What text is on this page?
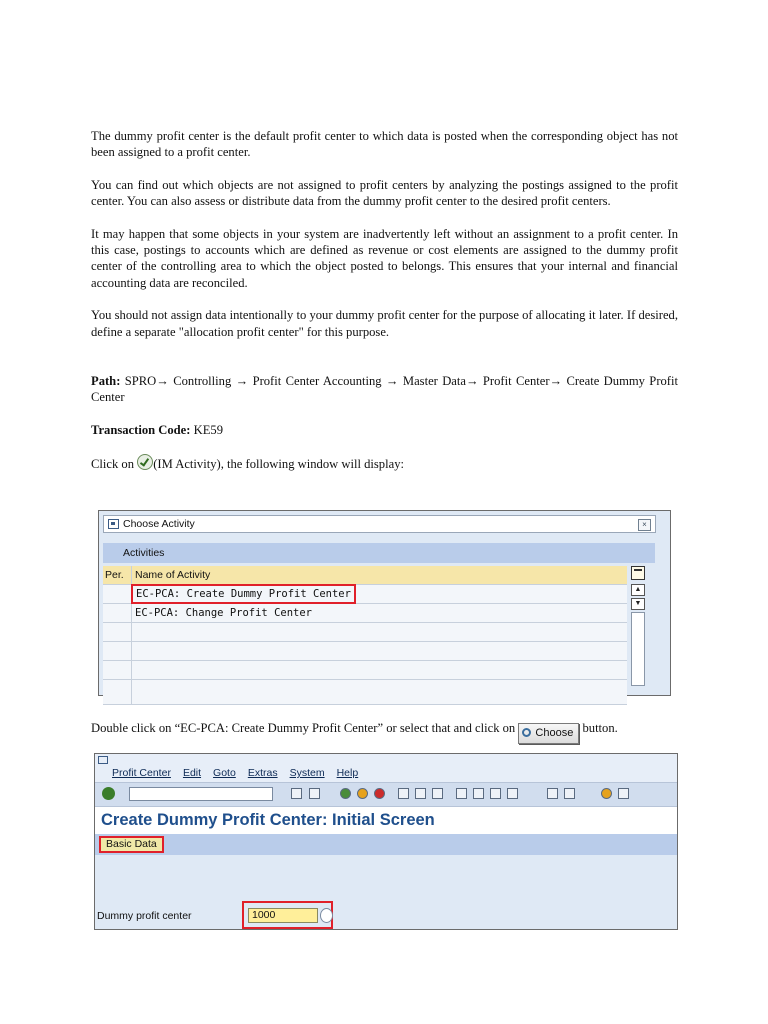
The dummy profit center is the default profit center to which data is posted when the corresponding object has not been assigned to a profit center.

You can find out which objects are not assigned to profit centers by analyzing the postings assigned to the profit center. You can also assess or distribute data from the dummy profit center to the desired profit centers.

It may happen that some objects in your system are inadvertently left without an assignment to a profit center. In this case, postings to accounts which are defined as revenue or cost elements are assigned to the dummy profit center of the controlling area to which the object posted to belongs. This ensures that your internal and financial accounting data are reconciled.

You should not assign data intentionally to your dummy profit center for the purpose of allocating it later. If desired, define a separate "allocation profit center" for this purpose.

Path: SPRO→ Controlling → Profit Center Accounting → Master Data→ Profit Center→ Create Dummy Profit Center

Transaction Code: KE59

Click on (IM Activity), the following window will display:

Choose Activity	×
Activities
Per.	Name of Activity
EC-PCA: Create Dummy Profit Center
EC-PCA: Change Profit Center
▲
▼
Double click on “EC-PCA: Create Dummy Profit Center” or select that and click on Choose button.
Profit Center Edit Goto Extras System Help
Create Dummy Profit Center: Initial Screen
Basic Data
Dummy profit center	1000
